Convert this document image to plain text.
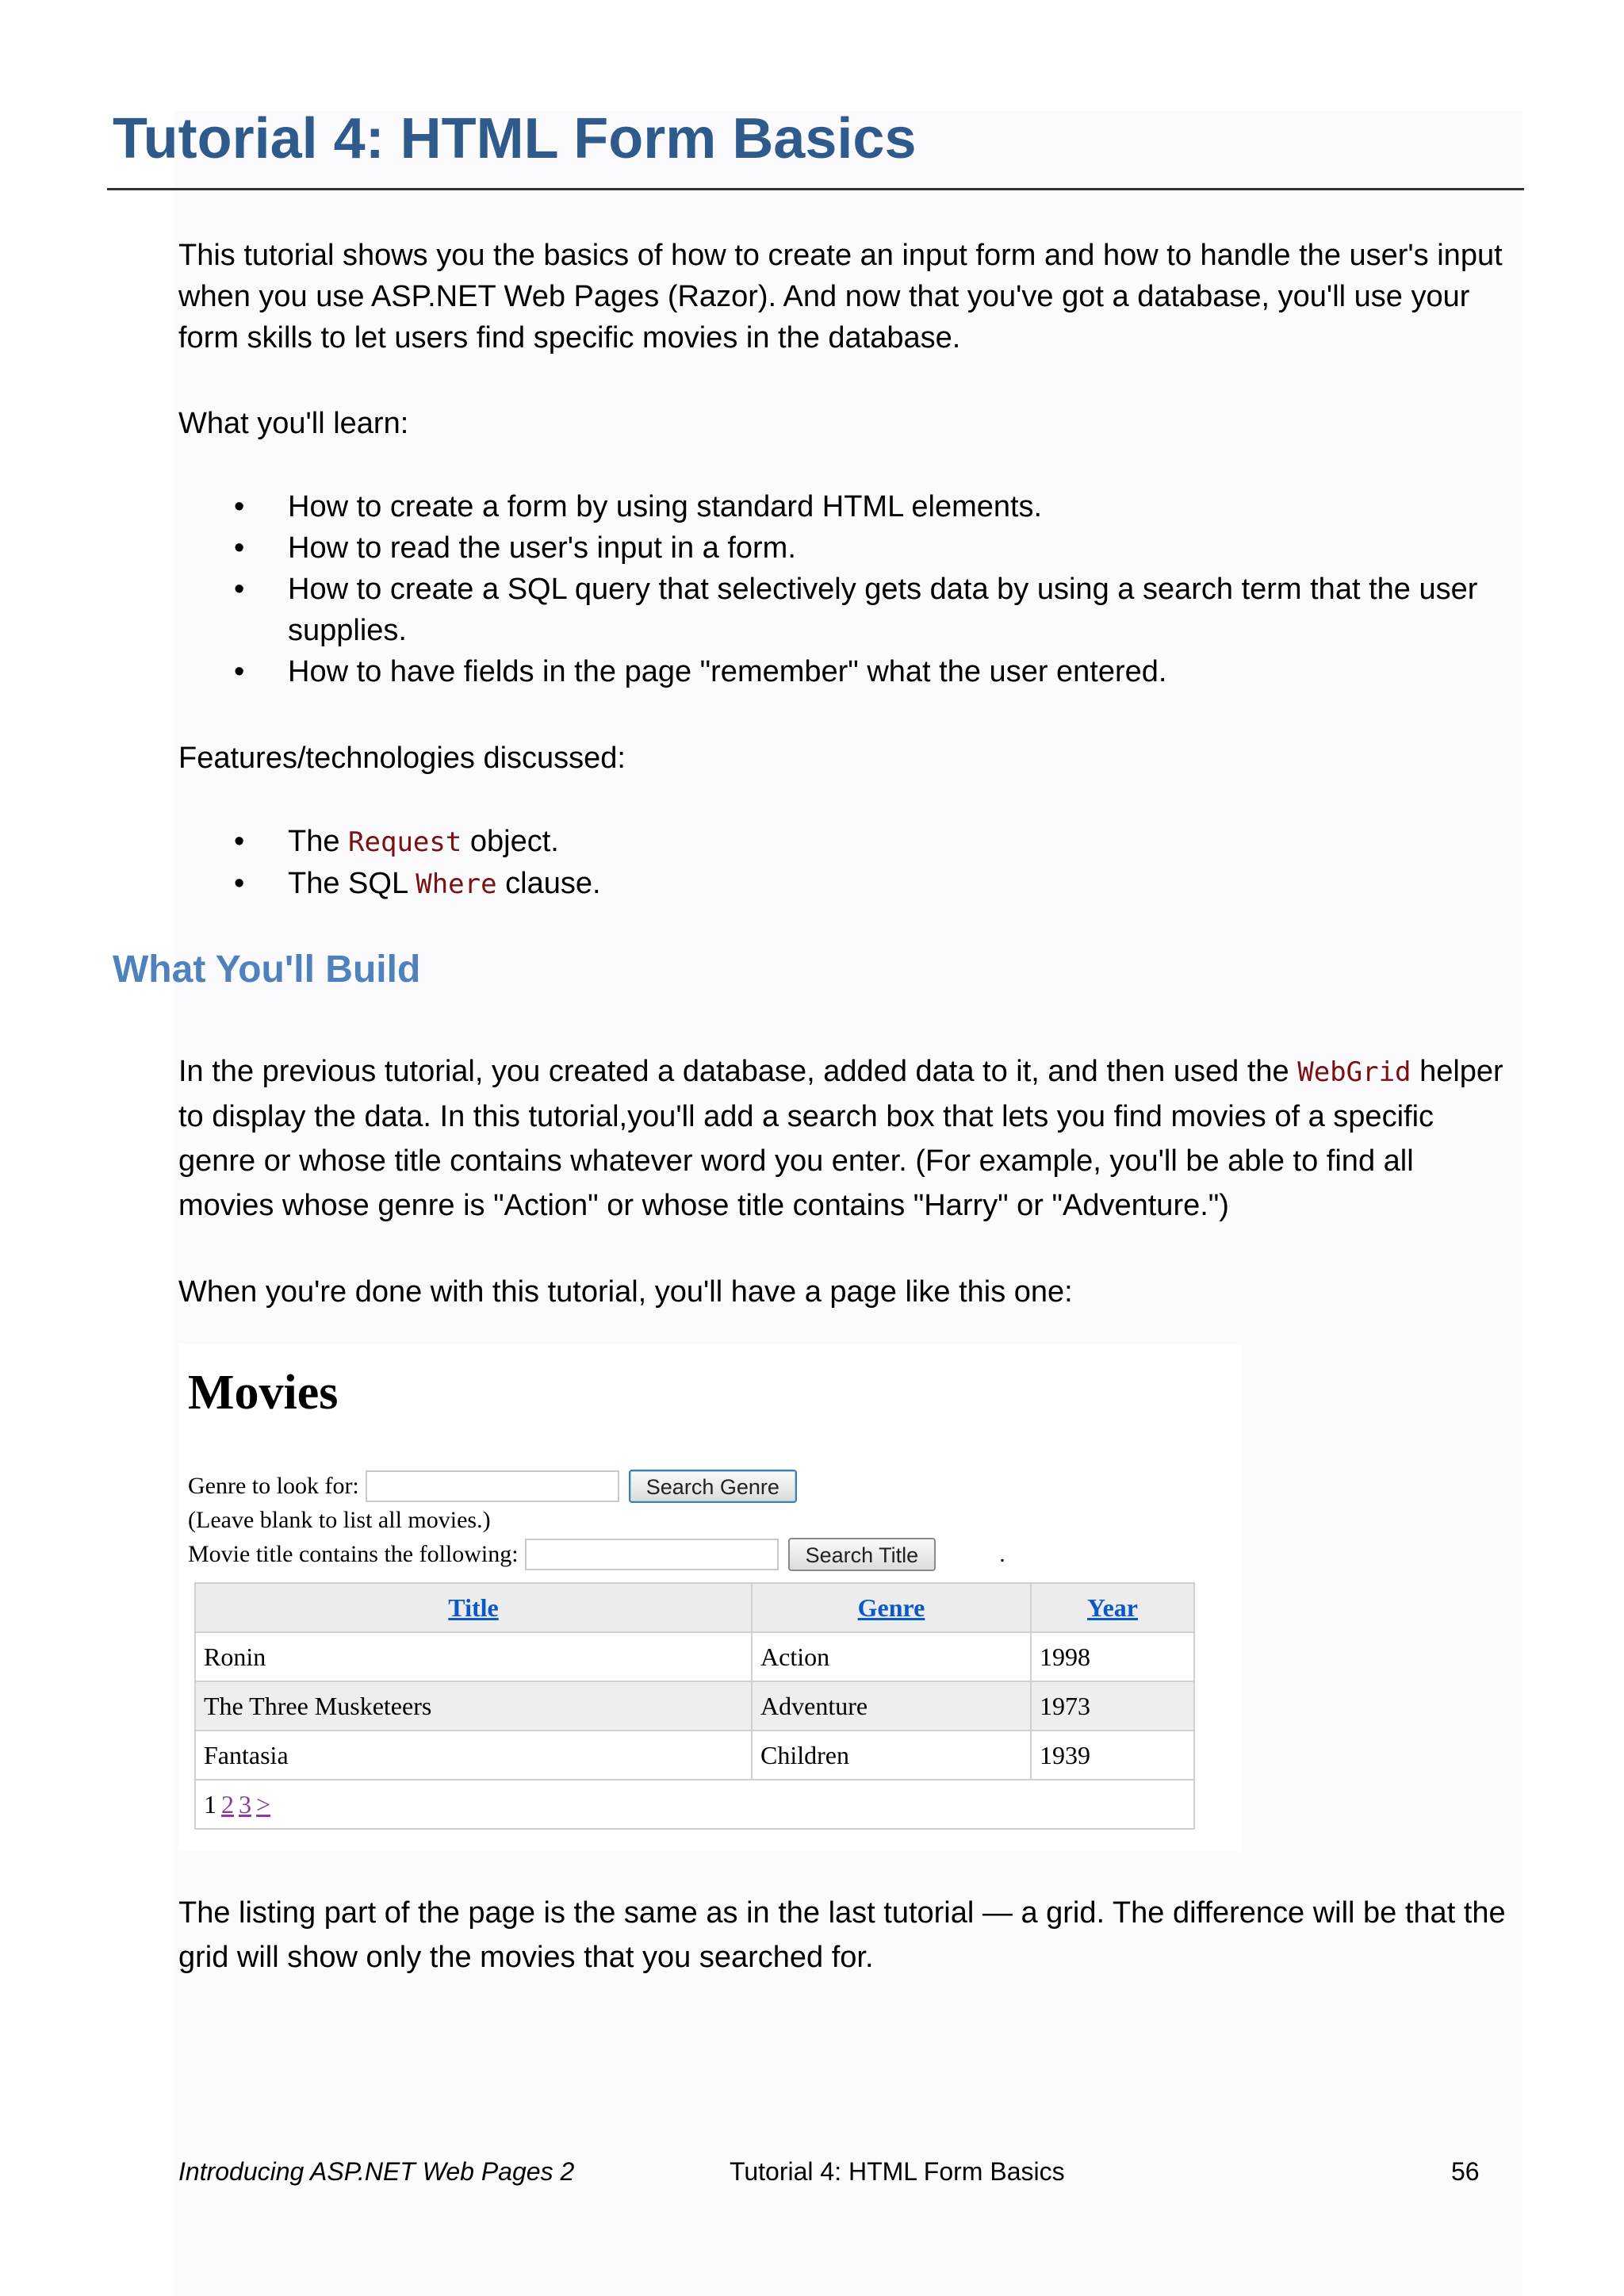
Tutorial 4: HTML Form Basics

This tutorial shows you the basics of how to create an input form and how to handle the user's input when you use ASP.NET Web Pages (Razor). And now that you've got a database, you'll use your form skills to let users find specific movies in the database.

What you'll learn:

• How to create a form by using standard HTML elements.
• How to read the user's input in a form.
• How to create a SQL query that selectively gets data by using a search term that the user supplies.
• How to have fields in the page "remember" what the user entered.

Features/technologies discussed:

• The Request object.
• The SQL Where clause.
What You'll Build

In the previous tutorial, you created a database, added data to it, and then used the WebGrid helper to display the data. In this tutorial,you'll add a search box that lets you find movies of a specific genre or whose title contains whatever word you enter. (For example, you'll be able to find all movies whose genre is "Action" or whose title contains "Harry" or "Adventure.")

When you're done with this tutorial, you'll have a page like this one:

Movies
Genre to look for:	Search Genre
(Leave blank to list all movies.)
Movie title contains the following:	Search Title	.
Title	Genre	Year
Ronin	Action	1998
The Three Musketeers	Adventure	1973
Fantasia	Children	1939
1 2 3 >		

The listing part of the page is the same as in the last tutorial — a grid. The difference will be that the grid will show only the movies that you searched for.

Introducing ASP.NET Web Pages 2	Tutorial 4: HTML Form Basics	56
